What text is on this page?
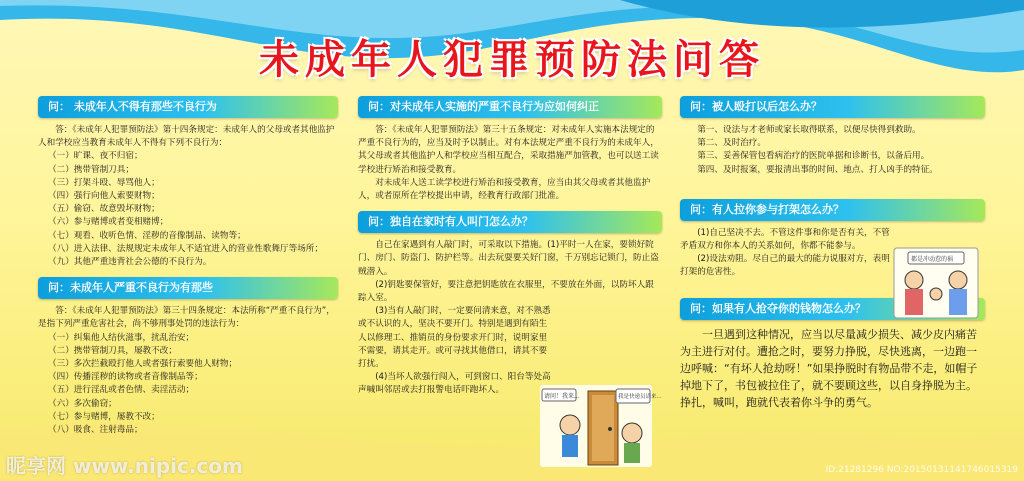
未成年人犯罪预防法问答
问： 未成年人不得有那些不良行为

答：《未成年人犯罪预防法》第十四条规定：未成年人的父母或者其他监护人和学校应当教育未成年人不得有下列不良行为：

（一）旷课、夜不归宿；

（二）携带管制刀具；

（三）打架斗殴、辱骂他人；

（四）强行向他人索要财物；

（五）偷窃、故意毁坏财物；

（六）参与赌博或者变相赌博；

（七）观看、收听色情、淫秽的音像制品、读物等；

（八）进入法律、法规规定未成年人不适宜进入的营业性歌舞厅等场所；

（九）其他严重违背社会公德的不良行为。

问：未成年人严重不良行为有那些

答：《未成年人犯罪预防法》第三十四条规定：本法所称“严重不良行为”，是指下列严重危害社会，尚不够刑事处罚的违法行为：

（一）纠集他人结伙滋事，扰乱治安；

（二）携带管制刀具，屡教不改；

（三）多次拦截殴打他人或者强行索要他人财物；

（四）传播淫秽的读物或者音像制品等；

（五）进行淫乱或者色情、卖淫活动；

（六）多次偷窃；

（七）参与赌博，屡教不改；

（八）吸食、注射毒品；

问：对未成年人实施的严重不良行为应如何纠正

答：《未成年人犯罪预防法》第三十五条规定：对未成年人实施本法规定的严重不良行为的，应当及时予以制止。对有本法规定严重不良行为的未成年人，其父母或者其他监护人和学校应当相互配合，采取措施严加管教，也可以送工读学校进行矫治和接受教育。

对未成年人送工读学校进行矫治和接受教育，应当由其父母或者其他监护人，或者原所在学校提出申请，经教育行政部门批准。

问：独自在家时有人叫门怎么办？

自己在家遇到有人敲门时，可采取以下措施。(1)平时一人在家，要锁好院门、房门、防盗门、防护栏等。出去玩耍要关好门窗，千万别忘记锁门，防止盗贼潜入。

(2)钥匙要保管好，要注意把钥匙放在衣服里，不要放在外面，以防坏人跟踪入室。

(3)当有人敲门时，一定要问清来意，对不熟悉或不认识的人，坚决不要开门。特别是遇到有陌生人以修理工、推销员的身份要求开门时，说明家里不需要，请其走开。或可寻找其他借口，请其不要打扰。

(4)当坏人欲强行闯入，可到窗口、阳台等处高声喊叫邻居或去打报警电话吓跑坏人。

请问！我来...	我是快递员请来...
问：被人殴打以后怎么办？

第一、设法与才老师或家长取得联系，以便尽快得到救助。

第二、及时治疗。

第三、妥善保管包看病治疗的医院单据和诊断书，以备后用。

第四、及时报案，要报清出事的时间、地点、打人凶手的特征。

问：有人拉你参与打架怎么办？

(1)自己坚决不去。不管这件事和你是否有关，不管矛盾双方和你本人的关系如何，你都不能参与。

(2)设法劝阻。尽自己的最大的能力说服对方，表明打架的危害性。

问：如果有人抢夺你的钱物怎么办？

一旦遇到这种情况，应当以尽量减少损失、减少皮内痛苦为主进行对付。遭抢之时，要努力挣脱，尽快逃离，一边跑一边呼喊：“有坏人抢劫呀！”如果挣脱时有物品带不走，如帽子掉地下了，书包被拉住了，就不要顾这些，以自身挣脱为主。挣扎，喊叫，跑就代表着你斗争的勇气。

都是冲动惹的祸
昵享网 www.nipic.com	ID:21281296 NO:20150131141746015319
